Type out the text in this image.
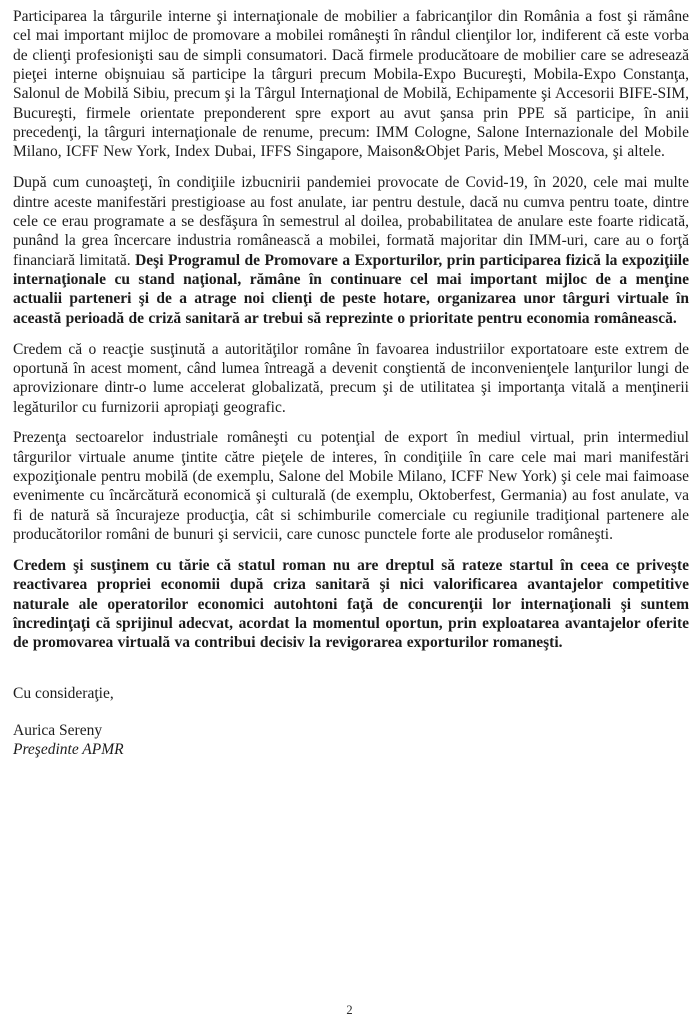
Participarea la târgurile interne şi internaţionale de mobilier a fabricanţilor din România a fost şi rămâne cel mai important mijloc de promovare a mobilei româneşti în rândul clienţilor lor, indiferent că este vorba de clienţi profesionişti sau de simpli consumatori. Dacă firmele producătoare de mobilier care se adresează pieţei interne obişnuiau să participe la târguri precum Mobila-Expo Bucureşti, Mobila-Expo Constanţa, Salonul de Mobilă Sibiu, precum şi la Târgul Internaţional de Mobilă, Echipamente şi Accesorii BIFE-SIM, Bucureşti, firmele orientate preponderent spre export au avut şansa prin PPE să participe, în anii precedenţi, la târguri internaţionale de renume, precum: IMM Cologne, Salone Internazionale del Mobile Milano, ICFF New York, Index Dubai, IFFS Singapore, Maison&Objet Paris, Mebel Moscova, şi altele.

După cum cunoaşteţi, în condiţiile izbucnirii pandemiei provocate de Covid-19, în 2020, cele mai multe dintre aceste manifestări prestigioase au fost anulate, iar pentru destule, dacă nu cumva pentru toate, dintre cele ce erau programate a se desfăşura în semestrul al doilea, probabilitatea de anulare este foarte ridicată, punând la grea încercare industria românească a mobilei, formată majoritar din IMM-uri, care au o forţă financiară limitată. Deşi Programul de Promovare a Exporturilor, prin participarea fizică la expoziţiile internaţionale cu stand naţional, rămâne în continuare cel mai important mijloc de a menţine actualii parteneri şi de a atrage noi clienţi de peste hotare, organizarea unor târguri virtuale în această perioadă de criză sanitară ar trebui să reprezinte o prioritate pentru economia românească.

Credem că o reacţie susţinută a autorităţilor române în favoarea industriilor exportatoare este extrem de oportună în acest moment, când lumea întreagă a devenit conştientă de inconvenienţele lanţurilor lungi de aprovizionare dintr-o lume accelerat globalizată, precum şi de utilitatea şi importanţa vitală a menţinerii legăturilor cu furnizorii apropiaţi geografic.

Prezenţa sectoarelor industriale româneşti cu potenţial de export în mediul virtual, prin intermediul târgurilor virtuale anume ţintite către pieţele de interes, în condiţiile în care cele mai mari manifestări expoziţionale pentru mobilă (de exemplu, Salone del Mobile Milano, ICFF New York) şi cele mai faimoase evenimente cu încărcătură economică şi culturală (de exemplu, Oktoberfest, Germania) au fost anulate, va fi de natură să încurajeze producţia, cât si schimburile comerciale cu regiunile tradiţional partenere ale producătorilor români de bunuri şi servicii, care cunosc punctele forte ale produselor româneşti.

Credem şi susţinem cu tărie că statul roman nu are dreptul să rateze startul în ceea ce priveşte reactivarea propriei economii după criza sanitară şi nici valorificarea avantajelor competitive naturale ale operatorilor economici autohtoni faţă de concurenţii lor internaţionali şi suntem încredinţaţi că sprijinul adecvat, acordat la momentul oportun, prin exploatarea avantajelor oferite de promovarea virtuală va contribui decisiv la revigorarea exporturilor romaneşti.

Cu consideraţie,

Aurica Sereny

Preşedinte APMR

2
